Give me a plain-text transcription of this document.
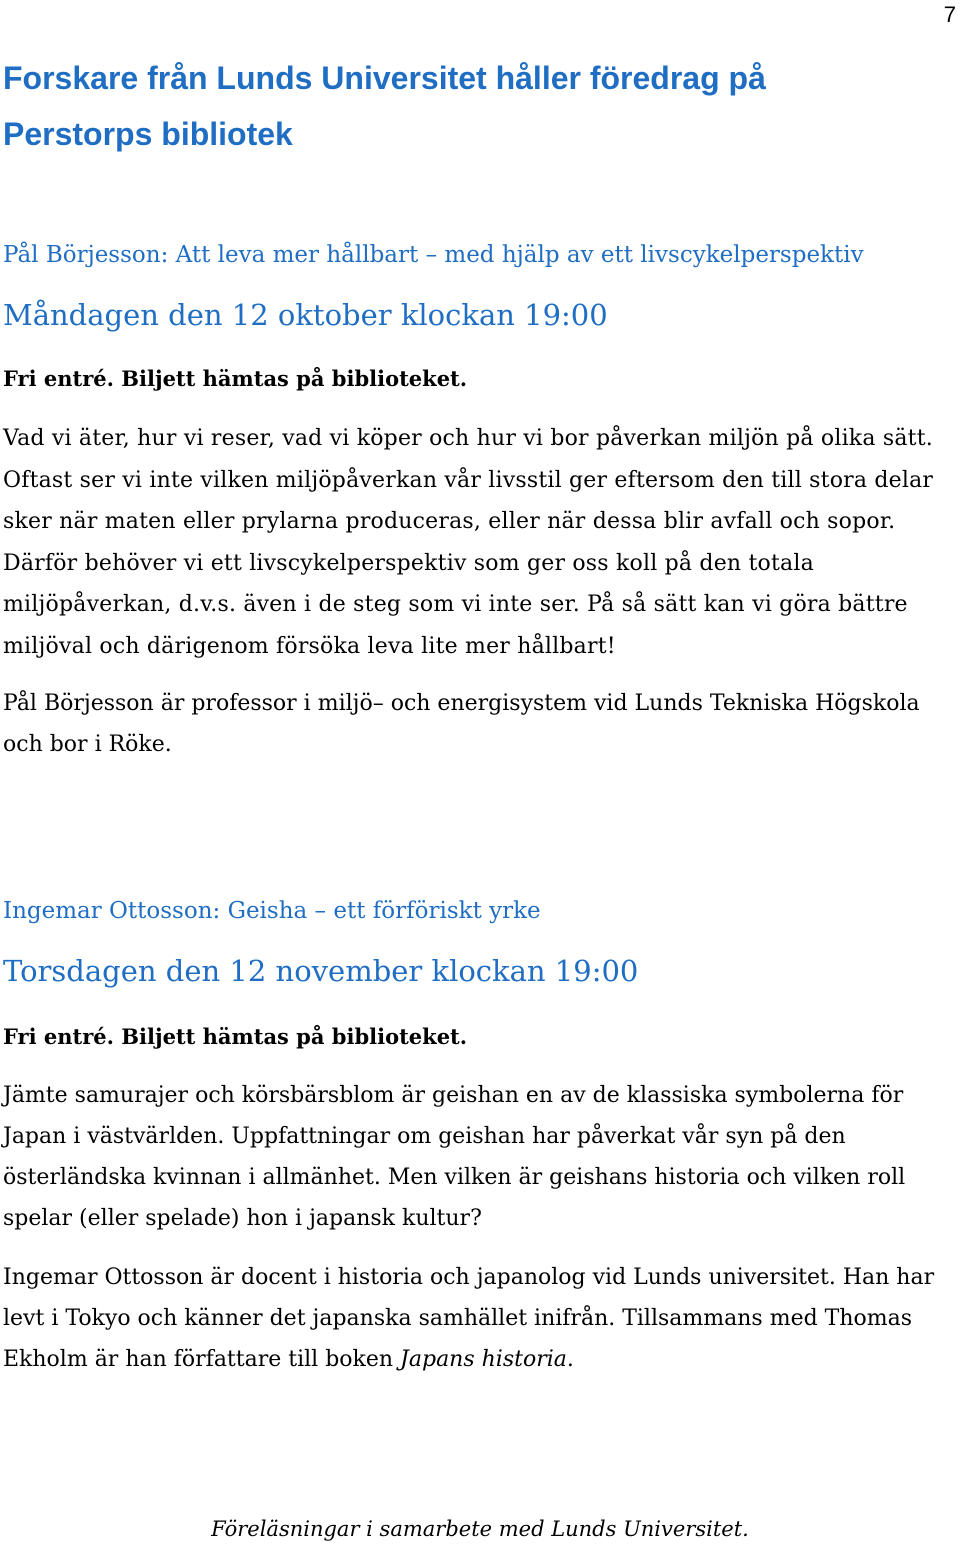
7
Forskare från Lunds Universitet håller föredrag på
Perstorps bibliotek
Pål Börjesson: Att leva mer hållbart – med hjälp av ett livscykelperspektiv
Måndagen den 12 oktober klockan 19:00
Fri entré. Biljett hämtas på biblioteket.

Vad vi äter, hur vi reser, vad vi köper och hur vi bor påverkan miljön på olika sätt. Oftast ser vi inte vilken miljöpåverkan vår livsstil ger eftersom den till stora delar sker när maten eller prylarna produceras, eller när dessa blir avfall och sopor. Därför behöver vi ett livscykelperspektiv som ger oss koll på den totala miljöpåverkan, d.v.s. även i de steg som vi inte ser. På så sätt kan vi göra bättre miljöval och därigenom försöka leva lite mer hållbart!

Pål Börjesson är professor i miljö– och energisystem vid Lunds Tekniska Högskola och bor i Röke.

Ingemar Ottosson: Geisha – ett förföriskt yrke
Torsdagen den 12 november klockan 19:00
Fri entré. Biljett hämtas på biblioteket.

Jämte samurajer och körsbärsblom är geishan en av de klassiska symbolerna för Japan i västvärlden. Uppfattningar om geishan har påverkat vår syn på den österländska kvinnan i allmänhet. Men vilken är geishans historia och vilken roll spelar (eller spelade) hon i japansk kultur?

Ingemar Ottosson är docent i historia och japanolog vid Lunds universitet. Han har levt i Tokyo och känner det japanska samhället inifrån. Tillsammans med Thomas Ekholm är han författare till boken Japans historia.

Föreläsningar i samarbete med Lunds Universitet.
